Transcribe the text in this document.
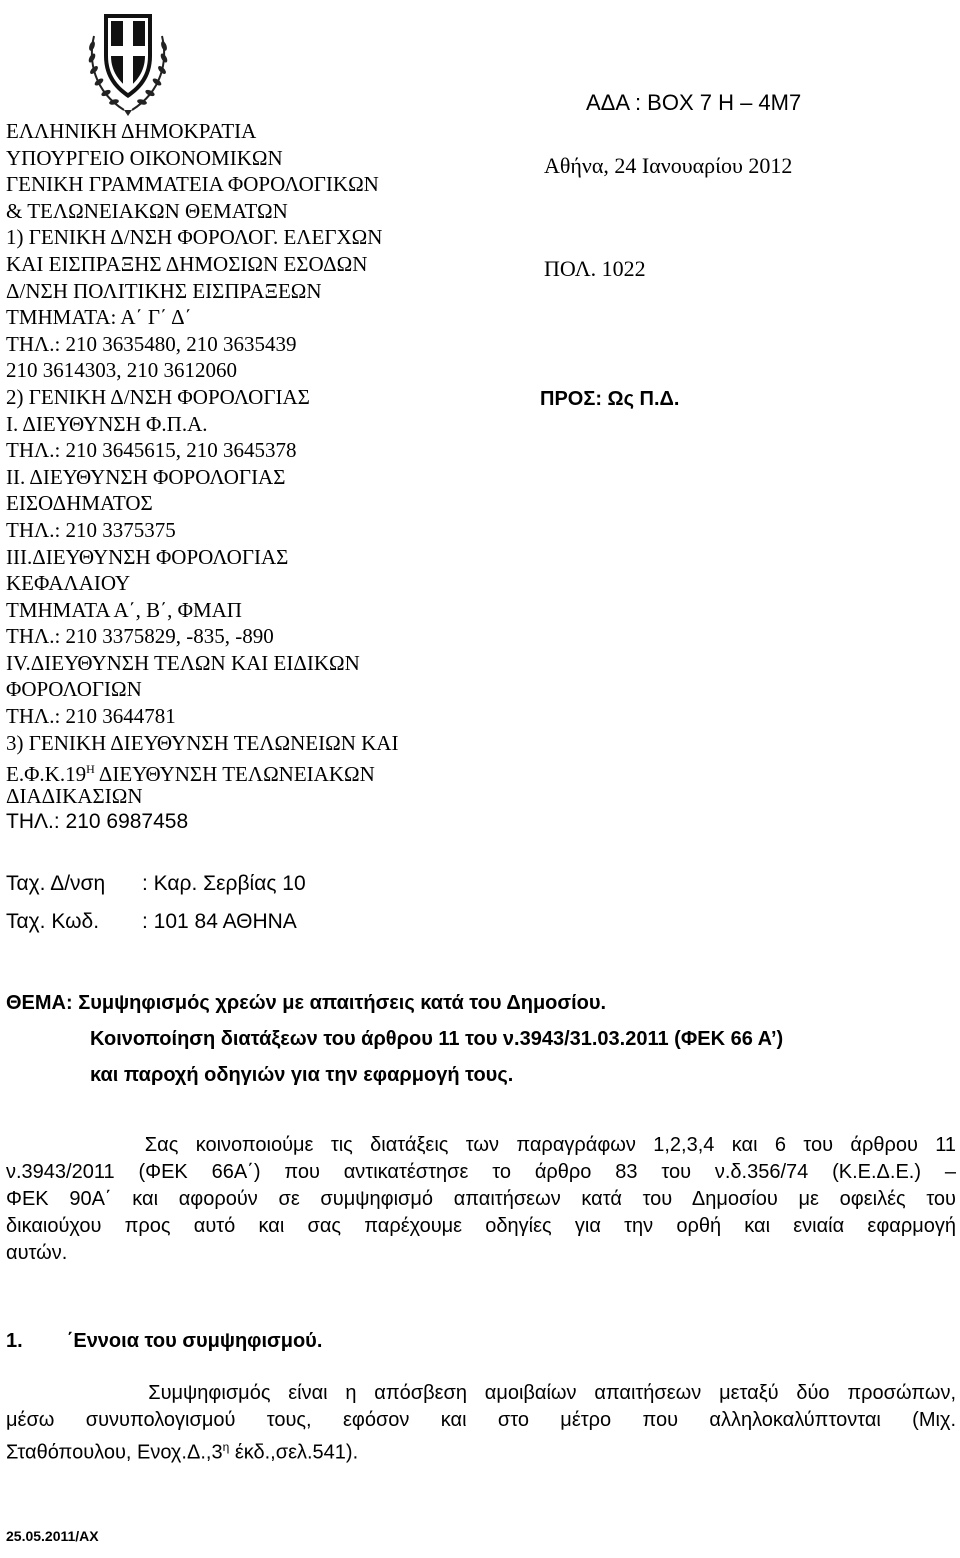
ΕΛΛΗΝΙΚΗ ΔΗΜΟΚΡΑΤΙΑ
ΥΠΟΥΡΓΕΙΟ ΟΙΚΟΝΟΜΙΚΩΝ
ΓΕΝΙΚΗ ΓΡΑΜΜΑΤΕΙΑ ΦΟΡΟΛΟΓΙΚΩΝ
& ΤΕΛΩΝΕΙΑΚΩΝ ΘΕΜΑΤΩΝ
1) ΓΕΝΙΚΗ Δ/ΝΣΗ ΦΟΡΟΛΟΓ. ΕΛΕΓΧΩΝ
ΚΑΙ ΕΙΣΠΡΑΞΗΣ ΔΗΜΟΣΙΩΝ ΕΣΟΔΩΝ
Δ/ΝΣΗ ΠΟΛΙΤΙΚΗΣ ΕΙΣΠΡΑΞΕΩΝ
ΤΜΗΜΑΤΑ: Α΄ Γ΄ Δ΄
ΤΗΛ.: 210 3635480, 210 3635439
210 3614303, 210 3612060
2) ΓΕΝΙΚΗ Δ/ΝΣΗ ΦΟΡΟΛΟΓΙΑΣ
Ι. ΔΙΕΥΘΥΝΣΗ Φ.Π.Α.
ΤΗΛ.: 210 3645615, 210 3645378
ΙΙ. ΔΙΕΥΘΥΝΣΗ ΦΟΡΟΛΟΓΙΑΣ
ΕΙΣΟΔΗΜΑΤΟΣ
ΤΗΛ.: 210 3375375
ΙΙΙ.ΔΙΕΥΘΥΝΣΗ ΦΟΡΟΛΟΓΙΑΣ
ΚΕΦΑΛΑΙΟΥ
ΤΜΗΜΑΤΑ Α΄, Β΄, ΦΜΑΠ
ΤΗΛ.: 210 3375829, -835, -890
ΙV.ΔΙΕΥΘΥΝΣΗ ΤΕΛΩΝ ΚΑΙ ΕΙΔΙΚΩΝ
ΦΟΡΟΛΟΓΙΩΝ
ΤΗΛ.: 210 3644781
3) ΓΕΝΙΚΗ ΔΙΕΥΘΥΝΣΗ ΤΕΛΩΝΕΙΩΝ ΚΑΙ
$E.\Phi.K.19^H$ ΔΙΕΥΘΥΝΣΗ ΤΕΛΩΝΕΙΑΚΩΝ
ΔΙΑΔΙΚΑΣΙΩΝ
ΤΗΛ.: 210 6987458
Ταχ. Δ/νση : Καρ. Σερβίας 10
Ταχ. Κωδ. : 101 84 ΑΘΗΝΑ
ΑΔΑ : ΒΟΧ 7 Η – 4Μ7
Αθήνα, 24 Ιανουαρίου 2012
ΠΟΛ. 1022
ΠΡΟΣ: Ως Π.Δ.
ΘΕΜΑ: Συμψηφισμός χρεών με απαιτήσεις κατά του Δημοσίου.
Κοινοποίηση διατάξεων του άρθρου 11 του ν.3943/31.03.2011 (ΦΕΚ 66 Α’)
και παροχή οδηγιών για την εφαρμογή τους.
Σας κοινοποιούμε τις διατάξεις των παραγράφων 1,2,3,4 και 6 του άρθρου 11
ν.3943/2011 (ΦΕΚ 66Α΄) που αντικατέστησε το άρθρο 83 του ν.δ.356/74 (Κ.Ε.Δ.Ε.) –
ΦΕΚ 90Α΄ και αφορούν σε συμψηφισμό απαιτήσεων κατά του Δημοσίου με οφειλές του
δικαιούχου προς αυτό και σας παρέχουμε οδηγίες για την ορθή και ενιαία εφαρμογή
αυτών.
1. ΄Εννοια του συμψηφισμού.
Συμψηφισμός είναι η απόσβεση αμοιβαίων απαιτήσεων μεταξύ δύο προσώπων,
μέσω συνυπολογισμού τους, εφόσον και στο μέτρο που αλληλοκαλύπτονται (Μιχ.
Σταθόπουλου, $E\nu o\chi.\Delta.,3^\eta$ έκδ.,σελ.541).
25.05.2011/ΑΧ
